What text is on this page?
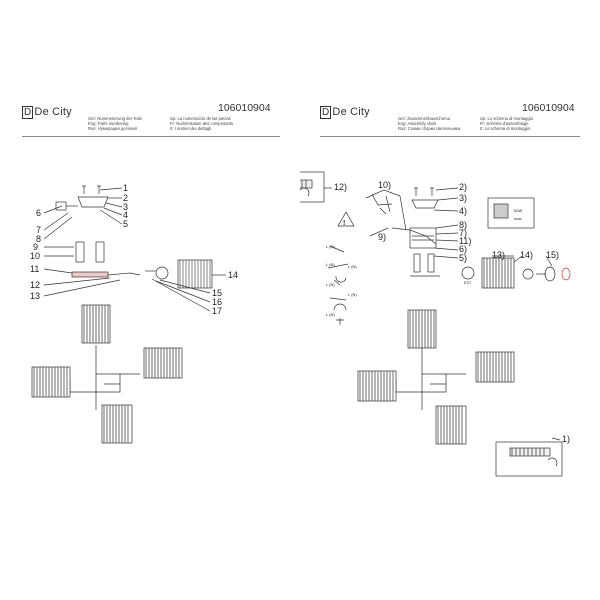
D De City	106010904
Ger: Nummerierung der Teile	Sp: La numeración de las piezas
Eng: Parts numbering	Fr: Numérotation des composants
Rus: Нумерация деталей	It: I numeri dei dettagli
1
2
3
4
5
6
7
8
9
10
11
12
13
14
15
16
17
D De City	106010904
Ger: Zusammenbauschema	Sp: Lo schema di montaggio
Eng: Assembly chart	Fr: Schéma d'assemblage
Rus: Схема сборки светильника	It: Lo schema di montaggio
12)	10)
9)
2)
3)
4)
8)
7)
11)
6)
5)	13) 14) 15)
1)
!
L (N)
L (N)	L (N)
L (N)
L (N)
L (N)
60W
max
E27
